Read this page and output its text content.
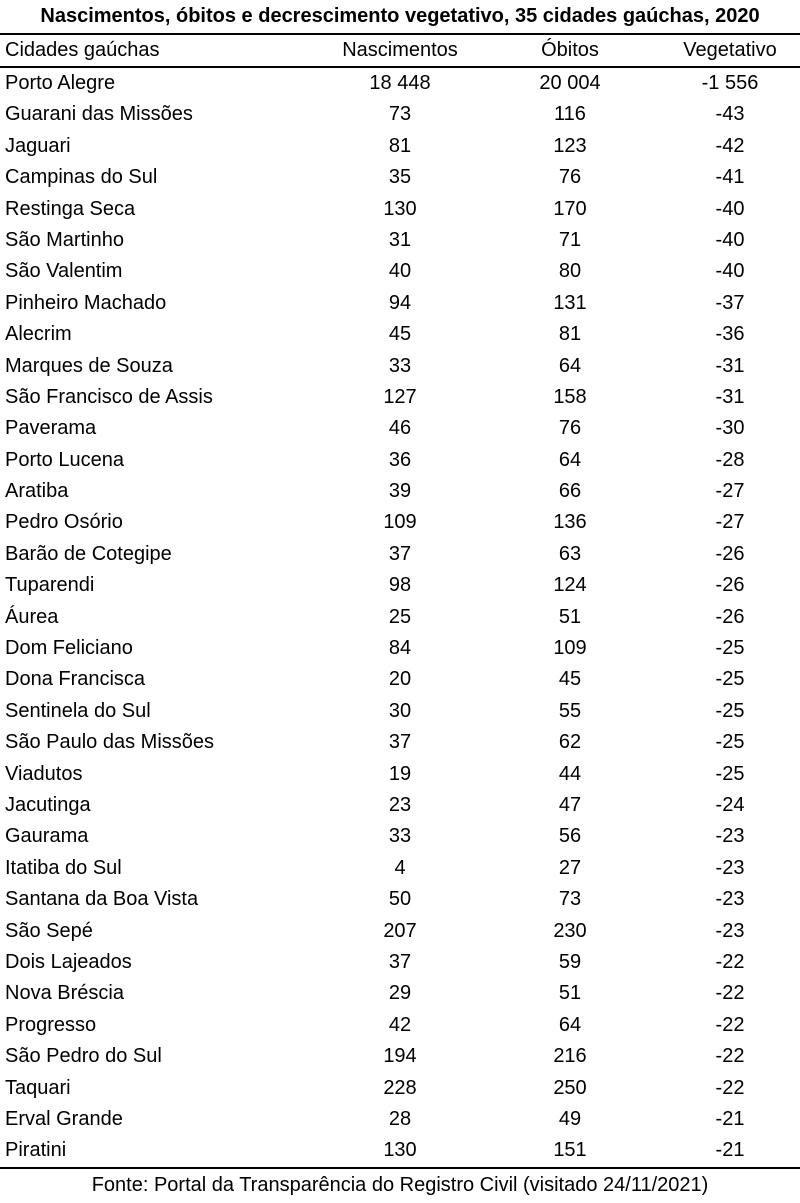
Nascimentos, óbitos e decrescimento vegetativo, 35 cidades gaúchas, 2020
Cidades gaúchas	Nascimentos	Óbitos	Vegetativo
Porto Alegre	18 448	20 004	-1 556
Guarani das Missões	73	116	-43
Jaguari	81	123	-42
Campinas do Sul	35	76	-41
Restinga Seca	130	170	-40
São Martinho	31	71	-40
São Valentim	40	80	-40
Pinheiro Machado	94	131	-37
Alecrim	45	81	-36
Marques de Souza	33	64	-31
São Francisco de Assis	127	158	-31
Paverama	46	76	-30
Porto Lucena	36	64	-28
Aratiba	39	66	-27
Pedro Osório	109	136	-27
Barão de Cotegipe	37	63	-26
Tuparendi	98	124	-26
Áurea	25	51	-26
Dom Feliciano	84	109	-25
Dona Francisca	20	45	-25
Sentinela do Sul	30	55	-25
São Paulo das Missões	37	62	-25
Viadutos	19	44	-25
Jacutinga	23	47	-24
Gaurama	33	56	-23
Itatiba do Sul	4	27	-23
Santana da Boa Vista	50	73	-23
São Sepé	207	230	-23
Dois Lajeados	37	59	-22
Nova Bréscia	29	51	-22
Progresso	42	64	-22
São Pedro do Sul	194	216	-22
Taquari	228	250	-22
Erval Grande	28	49	-21
Piratini	130	151	-21
Fonte: Portal da Transparência do Registro Civil (visitado 24/11/2021)
